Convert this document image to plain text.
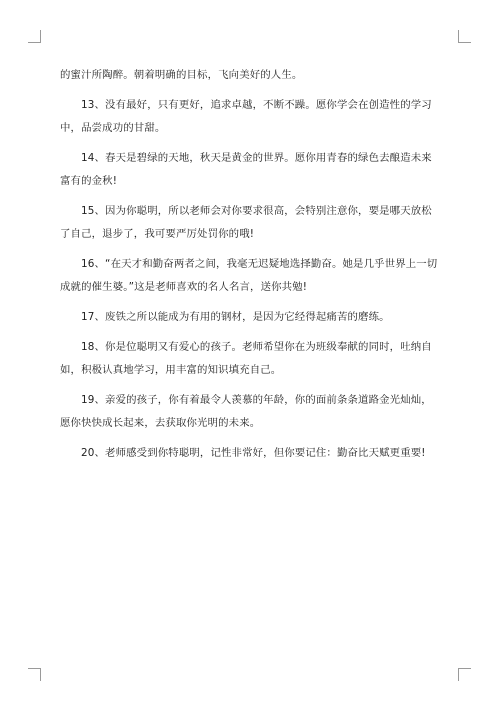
的蜜汁所陶醉。朝着明确的目标，飞向美好的人生。

13、没有最好，只有更好，追求卓越，不断不躁。愿你学会在创造性的学习中，品尝成功的甘甜。

14、春天是碧绿的天地，秋天是黄金的世界。愿你用青春的绿色去酿造未来富有的金秋!

15、因为你聪明，所以老师会对你要求很高，会特别注意你，要是哪天放松了自己，退步了，我可要严厉处罚你的哦!

16、“在天才和勤奋两者之间，我毫无迟疑地选择勤奋。她是几乎世界上一切成就的催生婆。”这是老师喜欢的名人名言，送你共勉!

17、废铁之所以能成为有用的钢材，是因为它经得起痛苦的磨练。

18、你是位聪明又有爱心的孩子。老师希望你在为班级奉献的同时，吐纳自如，积极认真地学习，用丰富的知识填充自己。

19、亲爱的孩子，你有着最令人羡慕的年龄，你的面前条条道路金光灿灿，愿你快快成长起来，去获取你光明的未来。

20、老师感受到你特聪明，记性非常好，但你要记住：勤奋比天赋更重要!
